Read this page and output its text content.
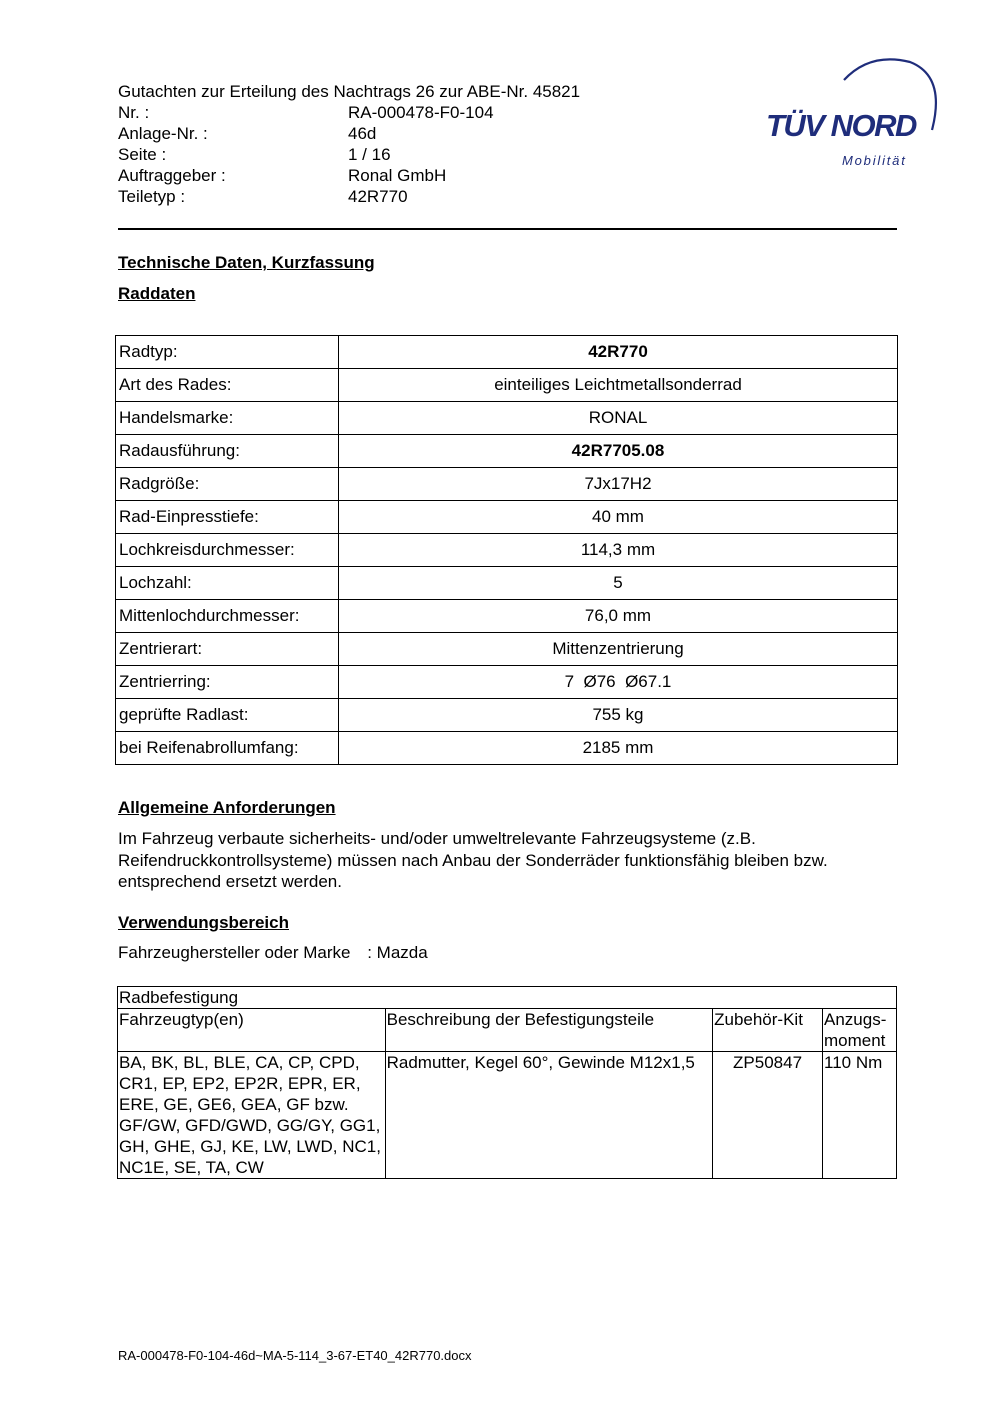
Gutachten zur Erteilung des Nachtrags 26 zur ABE-Nr. 45821
Nr. :	RA-000478-F0-104
Anlage-Nr. :	46d
Seite :	1 / 16
Auftraggeber :	Ronal GmbH
Teiletyp :	42R770
TÜV NORD
Mobilität
Technische Daten, Kurzfassung
Raddaten
Radtyp:	42R770
Art des Rades:	einteiliges Leichtmetallsonderrad
Handelsmarke:	RONAL
Radausführung:	42R7705.08
Radgröße:	7Jx17H2
Rad-Einpresstiefe:	40 mm
Lochkreisdurchmesser:	114,3 mm
Lochzahl:	5
Mittenlochdurchmesser:	76,0 mm
Zentrierart:	Mittenzentrierung
Zentrierring:	7  Ø76  Ø67.1
geprüfte Radlast:	755 kg
bei Reifenabrollumfang:	2185 mm
Allgemeine Anforderungen
Im Fahrzeug verbaute sicherheits- und/oder umweltrelevante Fahrzeugsysteme (z.B. Reifendruckkontrollsysteme) müssen nach Anbau der Sonderräder funktionsfähig bleiben bzw. entsprechend ersetzt werden.
Verwendungsbereich
Fahrzeughersteller oder Marke : Mazda
Radbefestigung			
Fahrzeugtyp(en)	Beschreibung der Befestigungsteile	Zubehör-Kit	Anzugs-moment
BA, BK, BL, BLE, CA, CP, CPD, CR1, EP, EP2, EP2R, EPR, ER, ERE, GE, GE6, GEA, GF bzw. GF/GW, GFD/GWD, GG/GY, GG1, GH, GHE, GJ, KE, LW, LWD, NC1, NC1E, SE, TA, CW	Radmutter, Kegel 60°, Gewinde M12x1,5	ZP50847	110 Nm
RA-000478-F0-104-46d~MA-5-114_3-67-ET40_42R770.docx
